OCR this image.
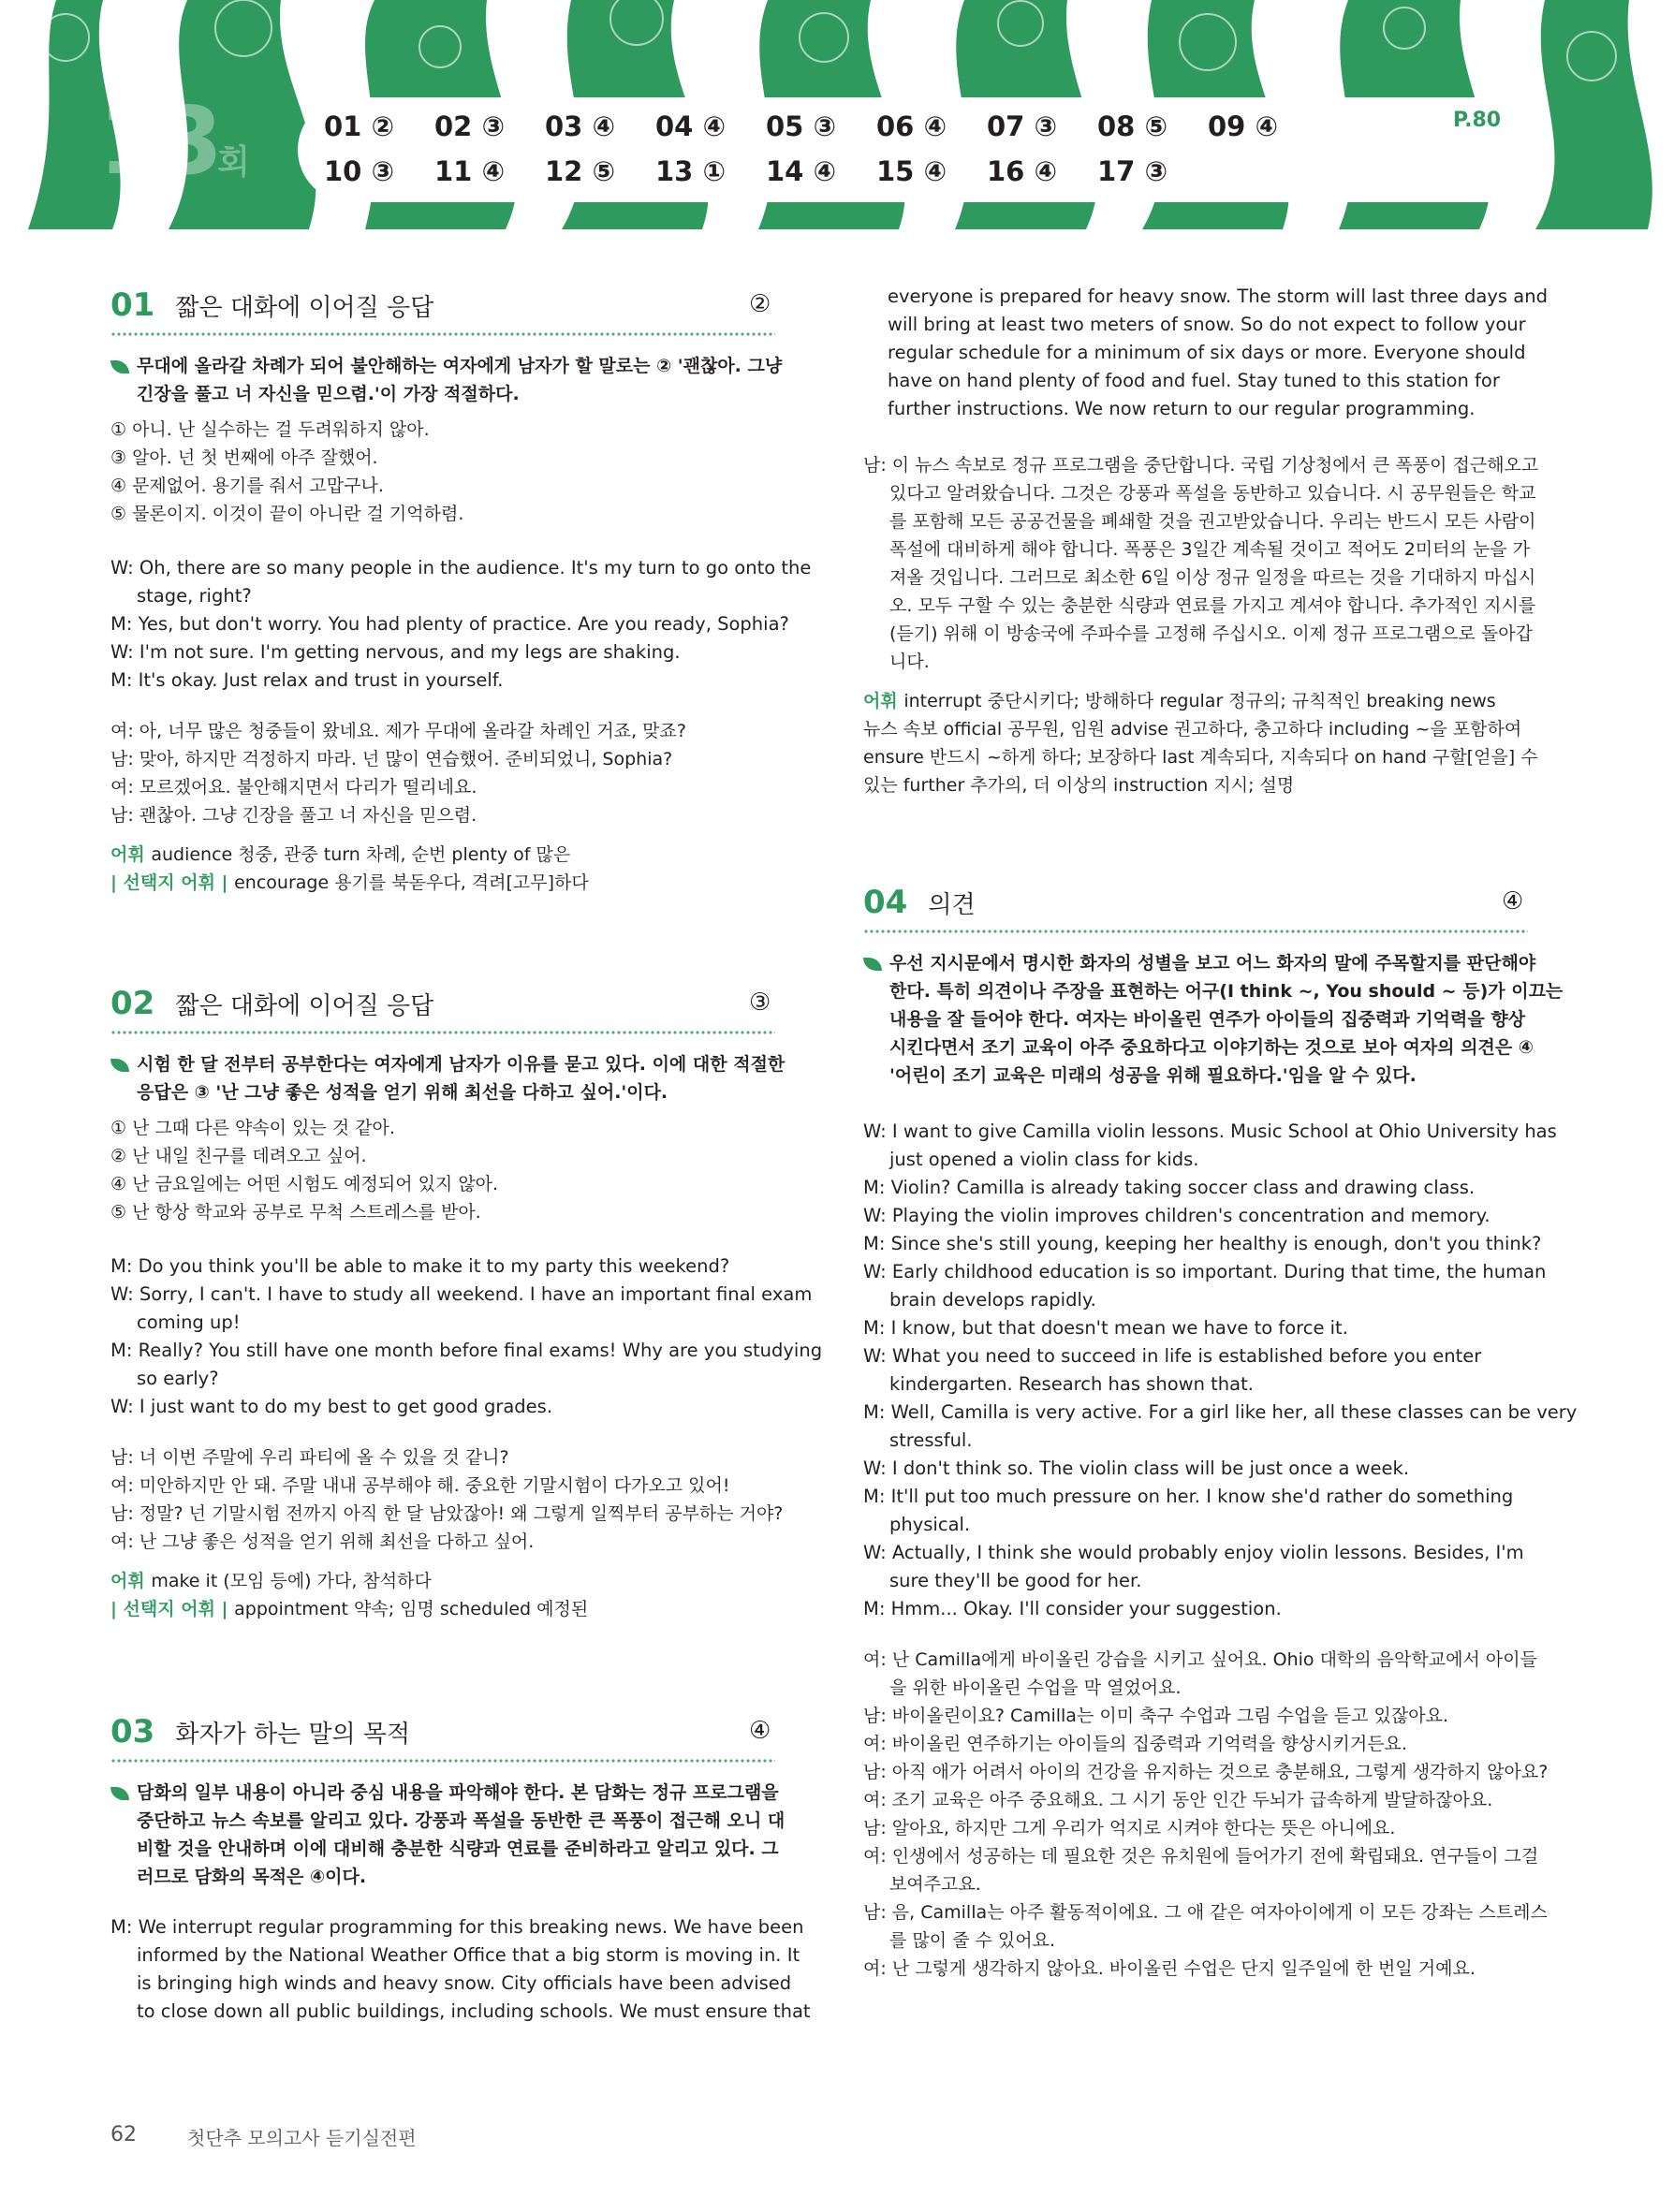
13회
01 ② 02 ③ 03 ④ 04 ④ 05 ③ 06 ④ 07 ③ 08 ⑤ 09 ④
10 ③ 11 ④ 12 ⑤ 13 ① 14 ④ 15 ④ 16 ④ 17 ③
P.80
01 짧은 대화에 이어질 응답	②
무대에 올라갈 차례가 되어 불안해하는 여자에게 남자가 할 말로는 ② '괜찮아. 그냥
긴장을 풀고 너 자신을 믿으렴.'이 가장 적절하다.
① 아니. 난 실수하는 걸 두려워하지 않아.
③ 알아. 넌 첫 번째에 아주 잘했어.
④ 문제없어. 용기를 줘서 고맙구나.
⑤ 물론이지. 이것이 끝이 아니란 걸 기억하렴.
W: Oh, there are so many people in the audience. It's my turn to go onto the
stage, right?
M: Yes, but don't worry. You had plenty of practice. Are you ready, Sophia?
W: I'm not sure. I'm getting nervous, and my legs are shaking.
M: It's okay. Just relax and trust in yourself.
여: 아, 너무 많은 청중들이 왔네요. 제가 무대에 올라갈 차례인 거죠, 맞죠?
남: 맞아, 하지만 걱정하지 마라. 넌 많이 연습했어. 준비되었니, Sophia?
여: 모르겠어요. 불안해지면서 다리가 떨리네요.
남: 괜찮아. 그냥 긴장을 풀고 너 자신을 믿으렴.
어휘 audience 청중, 관중 turn 차례, 순번 plenty of 많은
| 선택지 어휘 | encourage 용기를 북돋우다, 격려[고무]하다
02 짧은 대화에 이어질 응답	③
시험 한 달 전부터 공부한다는 여자에게 남자가 이유를 묻고 있다. 이에 대한 적절한
응답은 ③ '난 그냥 좋은 성적을 얻기 위해 최선을 다하고 싶어.'이다.
① 난 그때 다른 약속이 있는 것 같아.
② 난 내일 친구를 데려오고 싶어.
④ 난 금요일에는 어떤 시험도 예정되어 있지 않아.
⑤ 난 항상 학교와 공부로 무척 스트레스를 받아.
M: Do you think you'll be able to make it to my party this weekend?
W: Sorry, I can't. I have to study all weekend. I have an important final exam
coming up!
M: Really? You still have one month before final exams! Why are you studying
so early?
W: I just want to do my best to get good grades.
남: 너 이번 주말에 우리 파티에 올 수 있을 것 같니?
여: 미안하지만 안 돼. 주말 내내 공부해야 해. 중요한 기말시험이 다가오고 있어!
남: 정말? 넌 기말시험 전까지 아직 한 달 남았잖아! 왜 그렇게 일찍부터 공부하는 거야?
여: 난 그냥 좋은 성적을 얻기 위해 최선을 다하고 싶어.
어휘 make it (모임 등에) 가다, 참석하다
| 선택지 어휘 | appointment 약속; 임명 scheduled 예정된
03 화자가 하는 말의 목적	④
담화의 일부 내용이 아니라 중심 내용을 파악해야 한다. 본 담화는 정규 프로그램을
중단하고 뉴스 속보를 알리고 있다. 강풍과 폭설을 동반한 큰 폭풍이 접근해 오니 대
비할 것을 안내하며 이에 대비해 충분한 식량과 연료를 준비하라고 알리고 있다. 그
러므로 담화의 목적은 ④이다.
M: We interrupt regular programming for this breaking news. We have been
informed by the National Weather Office that a big storm is moving in. It
is bringing high winds and heavy snow. City officials have been advised
to close down all public buildings, including schools. We must ensure that
everyone is prepared for heavy snow. The storm will last three days and
will bring at least two meters of snow. So do not expect to follow your
regular schedule for a minimum of six days or more. Everyone should
have on hand plenty of food and fuel. Stay tuned to this station for
further instructions. We now return to our regular programming.
남: 이 뉴스 속보로 정규 프로그램을 중단합니다. 국립 기상청에서 큰 폭풍이 접근해오고
있다고 알려왔습니다. 그것은 강풍과 폭설을 동반하고 있습니다. 시 공무원들은 학교
를 포함해 모든 공공건물을 폐쇄할 것을 권고받았습니다. 우리는 반드시 모든 사람이
폭설에 대비하게 해야 합니다. 폭풍은 3일간 계속될 것이고 적어도 2미터의 눈을 가
져올 것입니다. 그러므로 최소한 6일 이상 정규 일정을 따르는 것을 기대하지 마십시
오. 모두 구할 수 있는 충분한 식량과 연료를 가지고 계셔야 합니다. 추가적인 지시를
(듣기) 위해 이 방송국에 주파수를 고정해 주십시오. 이제 정규 프로그램으로 돌아갑
니다.
어휘 interrupt 중단시키다; 방해하다 regular 정규의; 규칙적인 breaking news
뉴스 속보 official 공무원, 임원 advise 권고하다, 충고하다 including ~을 포함하여
ensure 반드시 ~하게 하다; 보장하다 last 계속되다, 지속되다 on hand 구할[얻을] 수
있는 further 추가의, 더 이상의 instruction 지시; 설명
04 의견	④
우선 지시문에서 명시한 화자의 성별을 보고 어느 화자의 말에 주목할지를 판단해야
한다. 특히 의견이나 주장을 표현하는 어구(I think ~, You should ~ 등)가 이끄는
내용을 잘 들어야 한다. 여자는 바이올린 연주가 아이들의 집중력과 기억력을 향상
시킨다면서 조기 교육이 아주 중요하다고 이야기하는 것으로 보아 여자의 의견은 ④
'어린이 조기 교육은 미래의 성공을 위해 필요하다.'임을 알 수 있다.
W: I want to give Camilla violin lessons. Music School at Ohio University has
just opened a violin class for kids.
M: Violin? Camilla is already taking soccer class and drawing class.
W: Playing the violin improves children's concentration and memory.
M: Since she's still young, keeping her healthy is enough, don't you think?
W: Early childhood education is so important. During that time, the human
brain develops rapidly.
M: I know, but that doesn't mean we have to force it.
W: What you need to succeed in life is established before you enter
kindergarten. Research has shown that.
M: Well, Camilla is very active. For a girl like her, all these classes can be very
stressful.
W: I don't think so. The violin class will be just once a week.
M: It'll put too much pressure on her. I know she'd rather do something
physical.
W: Actually, I think she would probably enjoy violin lessons. Besides, I'm
sure they'll be good for her.
M: Hmm... Okay. I'll consider your suggestion.
여: 난 Camilla에게 바이올린 강습을 시키고 싶어요. Ohio 대학의 음악학교에서 아이들
을 위한 바이올린 수업을 막 열었어요.
남: 바이올린이요? Camilla는 이미 축구 수업과 그림 수업을 듣고 있잖아요.
여: 바이올린 연주하기는 아이들의 집중력과 기억력을 향상시키거든요.
남: 아직 애가 어려서 아이의 건강을 유지하는 것으로 충분해요, 그렇게 생각하지 않아요?
여: 조기 교육은 아주 중요해요. 그 시기 동안 인간 두뇌가 급속하게 발달하잖아요.
남: 알아요, 하지만 그게 우리가 억지로 시켜야 한다는 뜻은 아니에요.
여: 인생에서 성공하는 데 필요한 것은 유치원에 들어가기 전에 확립돼요. 연구들이 그걸
보여주고요.
남: 음, Camilla는 아주 활동적이에요. 그 애 같은 여자아이에게 이 모든 강좌는 스트레스
를 많이 줄 수 있어요.
여: 난 그렇게 생각하지 않아요. 바이올린 수업은 단지 일주일에 한 번일 거예요.
62	첫단추 모의고사 듣기실전편
